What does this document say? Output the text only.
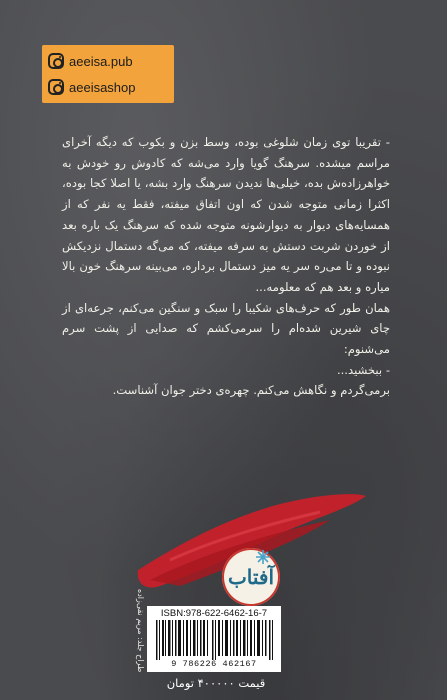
aeeisa.pub
aeeisashop
- تقریبا توی زمان شلوغی بوده، وسط بزن و بکوب که دیگه آخرای مراسم میشده. سرهنگ گویا وارد می‌شه که کادوش رو خودش به خواهرزاده‌ش بده، خیلی‌ها ندیدن سرهنگ وارد بشه، یا اصلا کجا بوده، اکثرا زمانی متوجه شدن که اون اتفاق میفته، فقط یه نفر که از همسایه‌های دیوار به دیوارشونه متوجه شده که سرهنگ یک باره بعد از خوردن شربت دستش به سرفه میفته، که می‌گه دستمال نزدیکش نبوده و تا می‌ره سر یه میز دستمال برداره، می‌بینه سرهنگ خون بالا میاره و بعد هم که معلومه...
همان طور که حرف‌های شکیبا را سبک و سنگین می‌کنم، جرعه‌ای از چای شیرین شده‌ام را سرمی‌کشم که صدایی از پشت سرم می‌شنوم:
- ببخشید...
برمی‌گردم و نگاهش می‌کنم. چهره‌ی دختر جوان آشناست.
آفتاب
طراح جلد: مریم نقی‌زاده ISBN:978-622-6462-16-7
9 786226 462167
قیمت ۴۰۰۰۰۰ تومان
